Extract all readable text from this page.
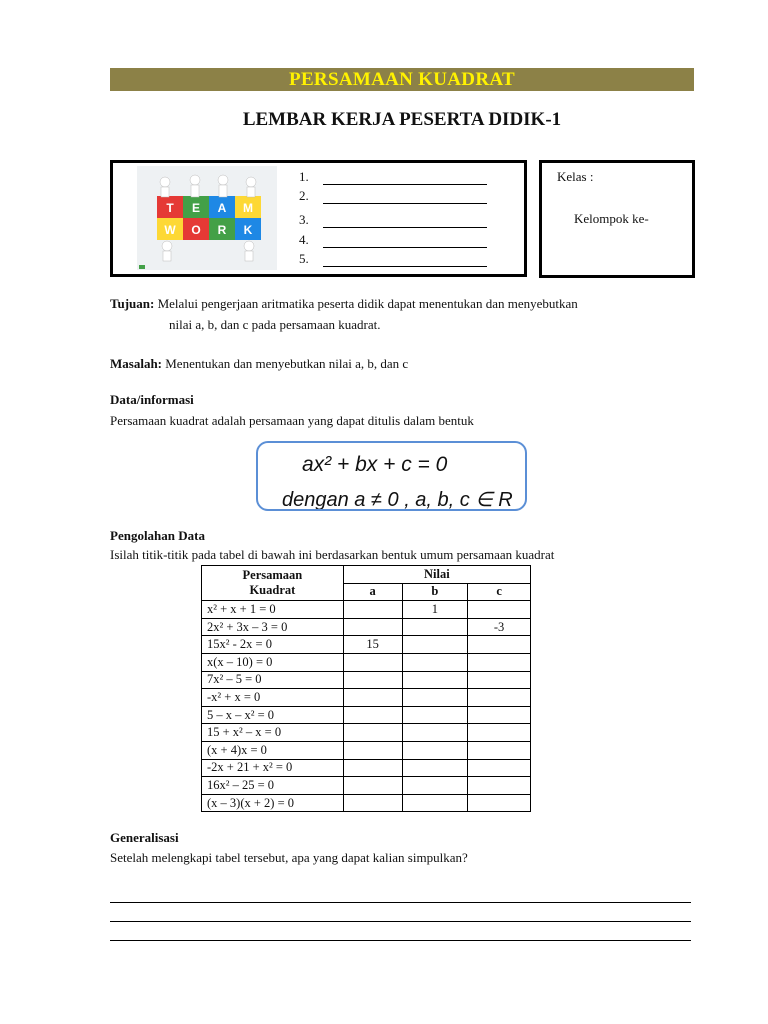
PERSAMAAN KUADRAT
LEMBAR KERJA PESERTA DIDIK-1
T E A M
W O R K
1.
2.
3.
4.
5.
Kelas :
Kelompok ke-
Tujuan: Melalui pengerjaan aritmatika peserta didik dapat menentukan dan menyebutkan
nilai a, b, dan c pada persamaan kuadrat.
Masalah: Menentukan dan menyebutkan nilai a, b, dan c
Data/informasi
Persamaan kuadrat adalah persamaan yang dapat ditulis dalam bentuk
ax² + bx + c = 0
dengan a ≠ 0 , a, b, c ∈ R
Pengolahan Data
Isilah titik-titik pada tabel di bawah ini berdasarkan bentuk umum persamaan kuadrat
Persamaan
Kuadrat	Nilai		
	a	b	c
x² + x + 1 = 0		1	
2x² + 3x – 3 = 0			-3
15x² - 2x = 0	15		
x(x – 10) = 0			
7x² – 5 = 0			
-x² + x = 0			
5 – x – x² = 0			
15 + x² – x = 0			
(x + 4)x = 0			
-2x + 21 + x² = 0			
16x² – 25 = 0			
(x – 3)(x + 2) = 0			
Generalisasi
Setelah melengkapi tabel tersebut, apa yang dapat kalian simpulkan?
